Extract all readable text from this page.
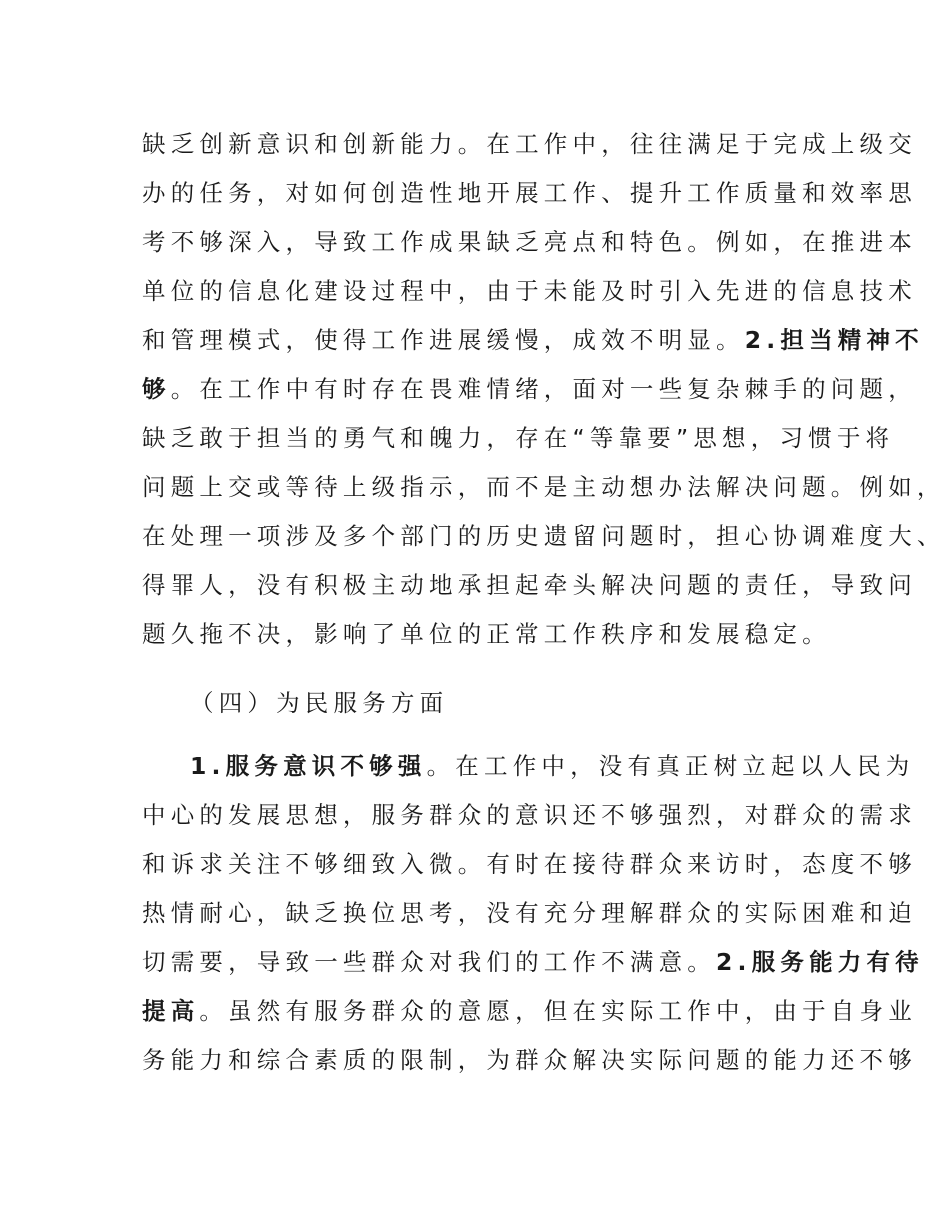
缺乏创新意识和创新能力。在工作中，往往满足于完成上级交
办的任务，对如何创造性地开展工作、提升工作质量和效率思
考不够深入，导致工作成果缺乏亮点和特色。例如，在推进本
单位的信息化建设过程中，由于未能及时引入先进的信息技术
和管理模式，使得工作进展缓慢，成效不明显。2.担当精神不
够。在工作中有时存在畏难情绪，面对一些复杂棘手的问题，
缺乏敢于担当的勇气和魄力，存在“等靠要”思想，习惯于将
问题上交或等待上级指示，而不是主动想办法解决问题。例如，
在处理一项涉及多个部门的历史遗留问题时，担心协调难度大、
得罪人，没有积极主动地承担起牵头解决问题的责任，导致问
题久拖不决，影响了单位的正常工作秩序和发展稳定。
（四）为民服务方面
1.服务意识不够强。在工作中，没有真正树立起以人民为
中心的发展思想，服务群众的意识还不够强烈，对群众的需求
和诉求关注不够细致入微。有时在接待群众来访时，态度不够
热情耐心，缺乏换位思考，没有充分理解群众的实际困难和迫
切需要，导致一些群众对我们的工作不满意。2.服务能力有待
提高。虽然有服务群众的意愿，但在实际工作中，由于自身业
务能力和综合素质的限制，为群众解决实际问题的能力还不够
